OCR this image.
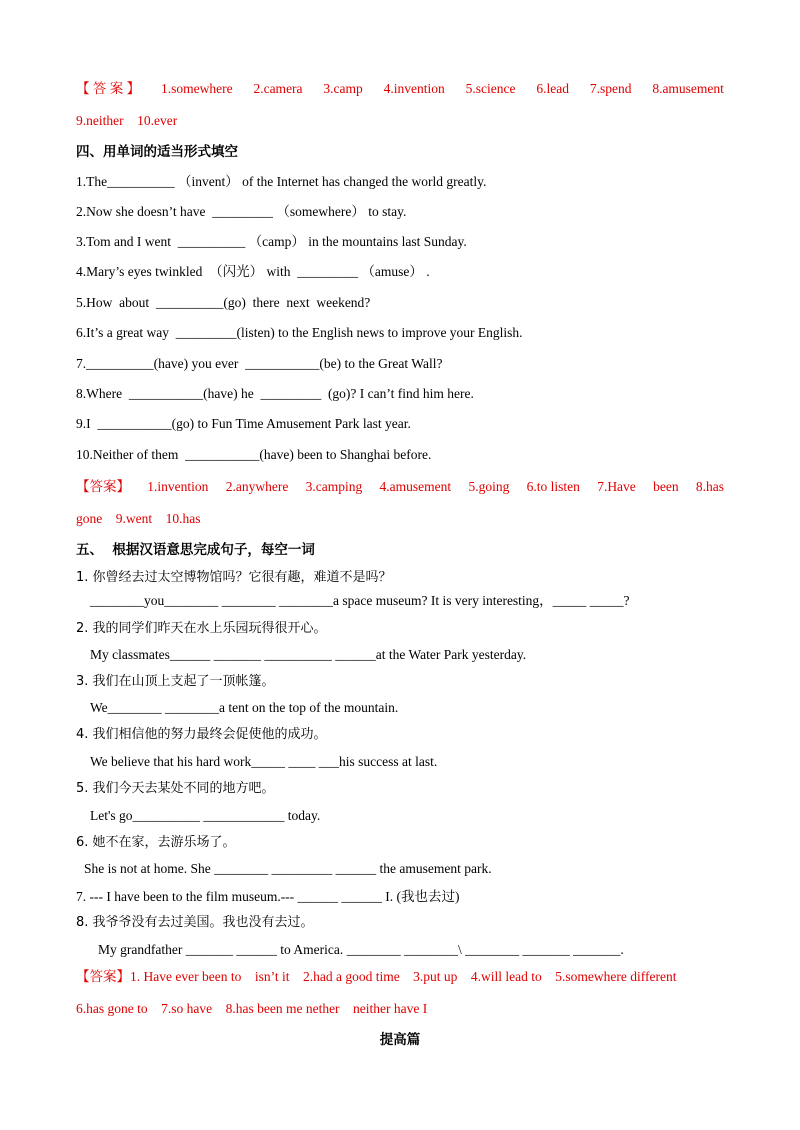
【 答 案 】 1.somewhere 2.camera 3.camp 4.invention 5.science 6.lead 7.spend 8.amusement
9.neither    10.ever
四、用单词的适当形式填空
1.The__________ （invent） of the Internet has changed the world greatly.
2.Now she doesn’t have  _________ （somewhere） to stay.
3.Tom and I went  __________ （camp） in the mountains last Sunday.
4.Mary’s eyes twinkled  （闪光） with  _________ （amuse） .
5.How  about  __________(go)  there  next  weekend?
6.It’s a great way  _________(listen) to the English news to improve your English.
7.__________(have) you ever  ___________(be) to the Great Wall?
8.Where  ___________(have) he  _________  (go)? I can’t find him here.
9.I  ___________(go) to Fun Time Amusement Park last year.
10.Neither of them  ___________(have) been to Shanghai before.
【答案】 1.invention 2.anywhere 3.camping 4.amusement 5.going 6.to listen 7.Have been 8.has
gone    9.went    10.has
五、  根据汉语意思完成句子，每空一词
1. 你曾经去过太空博物馆吗？它很有趣，难道不是吗？
________you________ ________ ________a space museum? It is very interesting，_____ _____?
2. 我的同学们昨天在水上乐园玩得很开心。
My classmates______ _______ __________ ______at the Water Park yesterday.
3. 我们在山顶上支起了一顶帐篷。
We________ ________a tent on the top of the mountain.
4. 我们相信他的努力最终会促使他的成功。
We believe that his hard work_____ ____ ___his success at last.
5. 我们今天去某处不同的地方吧。
Let's go__________ ____________ today.
6. 她不在家，去游乐场了。
She is not at home. She ________ _________ ______ the amusement park.
7. --- I have been to the film museum.--- ______ ______ I. (我也去过)
8. 我爷爷没有去过美国。我也没有去过。
My grandfather _______ ______ to America. ________ ________\ ________ _______ _______.
【答案】1. Have ever been to    isn’t it    2.had a good time    3.put up    4.will lead to    5.somewhere different
6.has gone to    7.so have    8.has been me nether    neither have I
提高篇
